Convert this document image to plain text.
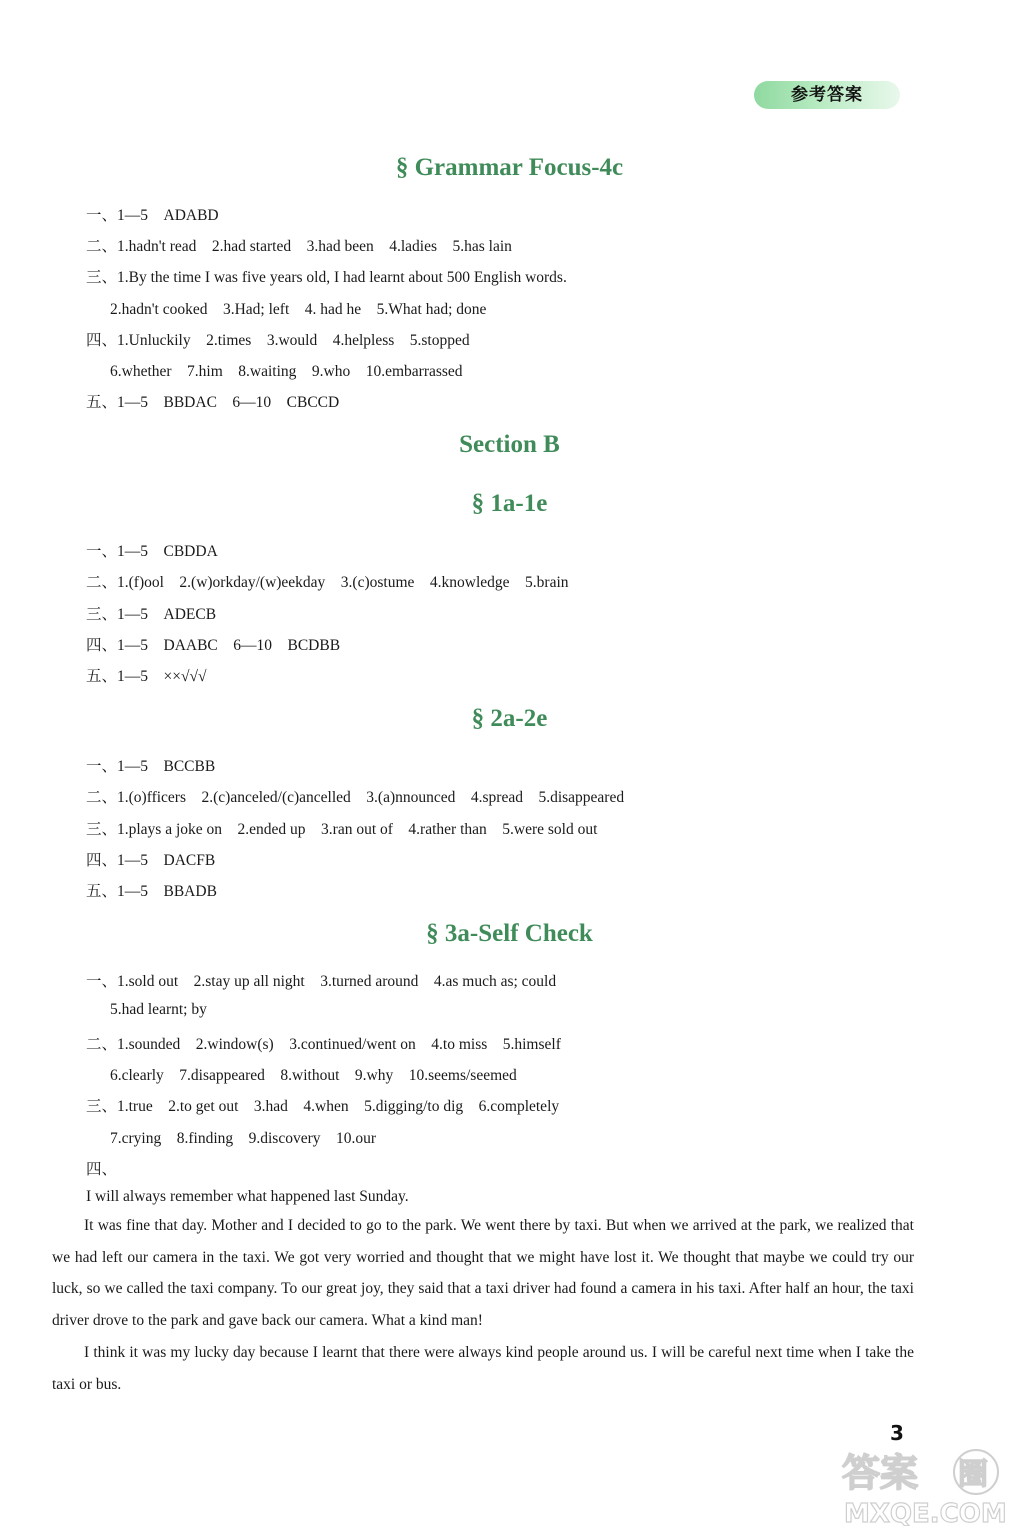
参考答案
§ Grammar Focus-4c
一、1—5　ADABD
二、1.hadn't read　2.had started　3.had been　4.ladies　5.has lain
三、1.By the time I was five years old, I had learnt about 500 English words.
2.hadn't cooked　3.Had; left　4. had he　5.What had; done
四、1.Unluckily　2.times　3.would　4.helpless　5.stopped
6.whether　7.him　8.waiting　9.who　10.embarrassed
五、1—5　BBDAC　6—10　CBCCD
Section B
§ 1a-1e
一、1—5　CBDDA
二、1.(f)ool　2.(w)orkday/(w)eekday　3.(c)ostume　4.knowledge　5.brain
三、1—5　ADECB
四、1—5　DAABC　6—10　BCDBB
五、1—5　××√√√
§ 2a-2e
一、1—5　BCCBB
二、1.(o)fficers　2.(c)anceled/(c)ancelled　3.(a)nnounced　4.spread　5.disappeared
三、1.plays a joke on　2.ended up　3.ran out of　4.rather than　5.were sold out
四、1—5　DACFB
五、1—5　BBADB
§ 3a-Self Check
一、1.sold out　2.stay up all night　3.turned around　4.as much as; could
5.had learnt; by
二、1.sounded　2.window(s)　3.continued/went on　4.to miss　5.himself
6.clearly　7.disappeared　8.without　9.why　10.seems/seemed
三、1.true　2.to get out　3.had　4.when　5.digging/to dig　6.completely
7.crying　8.finding　9.discovery　10.our
四、
I will always remember what happened last Sunday.

It was fine that day. Mother and I decided to go to the park. We went there by taxi. But when we arrived at the park, we realized that we had left our camera in the taxi. We got very worried and thought that we might have lost it. We thought that maybe we could try our luck, so we called the taxi company. To our great joy, they said that a taxi driver had found a camera in his taxi. After half an hour, the taxi driver drove to the park and gave back our camera. What a kind man!

I think it was my lucky day because I learnt that there were always kind people around us. I will be careful next time when I take the taxi or bus.

3
答案 圈
MXQE.COM
